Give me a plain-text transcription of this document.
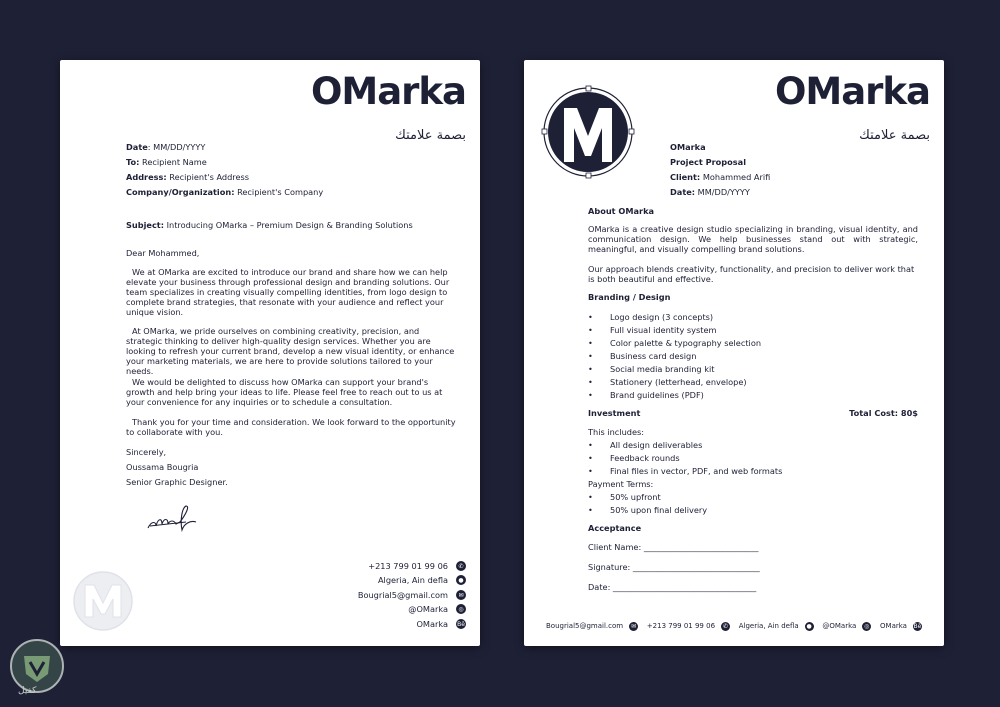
OMarka
بصمة علامتك
Date: MM/DD/YYYY
To: Recipient Name
Address: Recipient's Address
Company/Organization: Recipient's Company
Subject: Introducing OMarka – Premium Design & Branding Solutions
Dear Mohammed,
We at OMarka are excited to introduce our brand and share how we can help elevate your business through professional design and branding solutions. Our team specializes in creating visually compelling identities, from logo design to complete brand strategies, that resonate with your audience and reflect your unique vision.
At OMarka, we pride ourselves on combining creativity, precision, and strategic thinking to deliver high-quality design services. Whether you are looking to refresh your current brand, develop a new visual identity, or enhance your marketing materials, we are here to provide solutions tailored to your needs.
We would be delighted to discuss how OMarka can support your brand's growth and help bring your ideas to life. Please feel free to reach out to us at your convenience for any inquiries or to schedule a consultation.
Thank you for your time and consideration. We look forward to the opportunity to collaborate with you.
Sincerely,
Oussama Bougria
Senior Graphic Designer.
+213 799 01 99 06	✆
Algeria, Ain defla	●
Bougrial5@gmail.com	✉
@OMarka	◎
OMarka Bē
OMarka
بصمة علامتك
OMarka
Project Proposal
Client: Mohammed Arifi
Date: MM/DD/YYYY
About OMarka
OMarka is a creative design studio specializing in branding, visual identity, and communication design. We help businesses stand out with strategic, meaningful, and visually compelling brand solutions.
Our approach blends creativity, functionality, and precision to deliver work that is both beautiful and effective.
Branding / Design
• Logo design (3 concepts)
• Full visual identity system
• Color palette & typography selection
• Business card design
• Social media branding kit
• Stationery (letterhead, envelope)
• Brand guidelines (PDF)
Investment	Total Cost: 80$
This includes:
• All design deliverables
• Feedback rounds
• Final files in vector, PDF, and web formats
Payment Terms:
• 50% upfront
• 50% upon final delivery
Acceptance
Client Name: ____________________________
Signature: _______________________________
Date: ___________________________________
Bougrial5@gmail.com	✉ +213 799 01 99 06	✆ Algeria, Ain defla	● @OMarka	◎ OMarka Bē
كفيل
